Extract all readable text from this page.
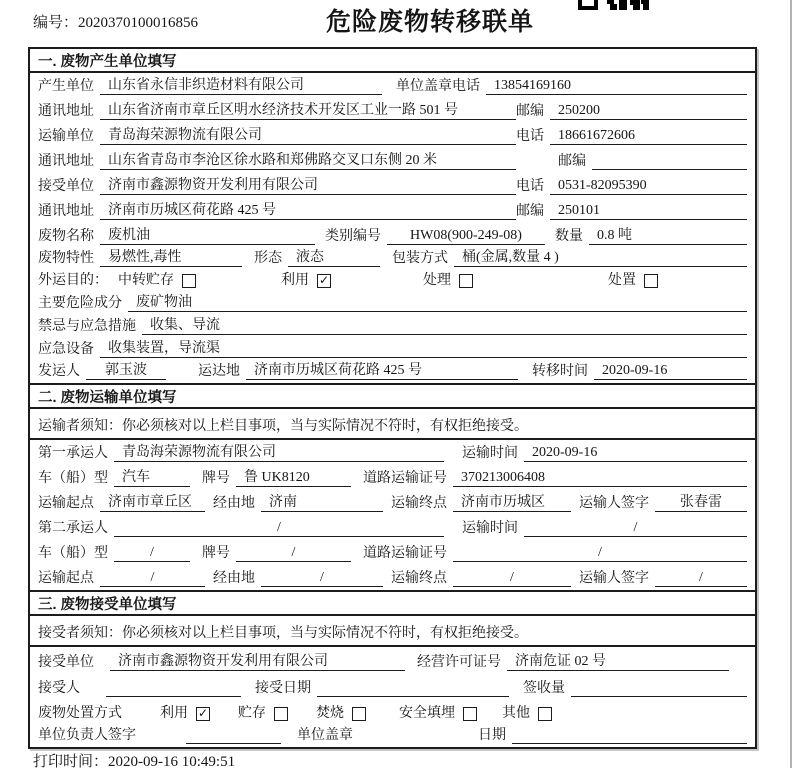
编号：2020370100016856	危险废物转移联单
一. 废物产生单位填写
产生单位	山东省永信非织造材料有限公司	单位盖章 电话	13854169160
通讯地址	山东省济南市章丘区明水经济技术开发区工业一路 501 号	邮编	250200
运输单位	青岛海荣源物流有限公司	电话	18661672606
通讯地址	山东省青岛市李沧区徐水路和郑佛路交叉口东侧 20 米	邮编
接受单位	济南市鑫源物资开发利用有限公司	电话	0531-82095390
通讯地址	济南市历城区荷花路 425 号	邮编	250101
废物名称	废机油	类别编号	HW08(900-249-08)	数量	0.8 吨
废物特性	易燃性,毒性	形态	液态	包装方式	桶(金属,数量 4 )
外运目的： 中转贮存	利用 ✓	处理	处置
主要危险成分	废矿物油
禁忌与应急措施	收集、导流
应急设备	收集装置，导流渠
发运人	郭玉波	运达地	济南市历城区荷花路 425 号	转移时间	2020-09-16
二. 废物运输单位填写
运输者须知：你必须核对以上栏目事项，当与实际情况不符时，有权拒绝接受。
第一承运人	青岛海荣源物流有限公司	运输时间	2020-09-16
车（船）型	汽车	牌号	鲁 UK8120	道路运输证号	370213006408
运输起点	济南市章丘区	经由地	济南	运输终点	济南市历城区	运输人签字	张春雷
第二承运人	/	运输时间	/
车（船）型	/	牌号	/	道路运输证号	/
运输起点	/	经由地	/	运输终点	/	运输人签字	/
三. 废物接受单位填写
接受者须知：你必须核对以上栏目事项，当与实际情况不符时，有权拒绝接受。
接受单位	济南市鑫源物资开发利用有限公司	经营许可证号	济南危证 02 号
接受人	接受日期	签收量
废物处置方式	利用 ✓ 贮存	焚烧	安全填埋	其他
单位负责人签字	单位盖章	日期
打印时间：2020-09-16 10:49:51
